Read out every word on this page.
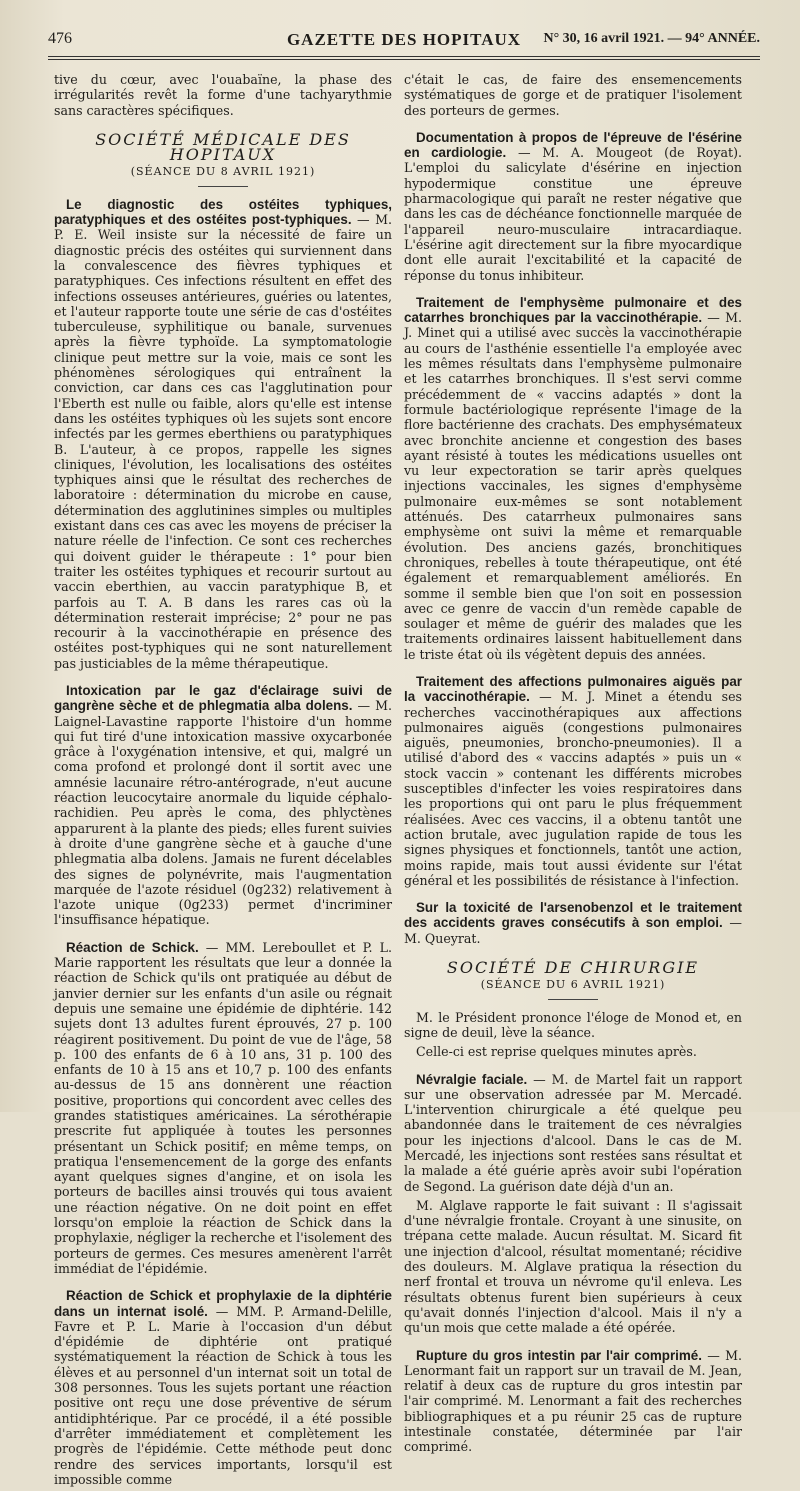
476	GAZETTE DES HOPITAUX	N° 30, 16 avril 1921. — 94° ANNÉE.

tive du cœur, avec l'ouabaïne, la phase des irrégularités revêt la forme d'une tachyarythmie sans caractères spécifiques.

SOCIÉTÉ MÉDICALE DES HOPITAUX
(SÉANCE DU 8 AVRIL 1921)

Le diagnostic des ostéites typhiques, paratyphiques et des ostéites post-typhiques. — M. P. E. Weil insiste sur la nécessité de faire un diagnostic précis des ostéites qui surviennent dans la convalescence des fièvres typhiques et paratyphiques. Ces infections résultent en effet des infections osseuses antérieures, guéries ou latentes, et l'auteur rapporte toute une série de cas d'ostéites tuberculeuse, syphilitique ou banale, survenues après la fièvre typhoïde. La symptomatologie clinique peut mettre sur la voie, mais ce sont les phénomènes sérologiques qui entraînent la conviction, car dans ces cas l'agglutination pour l'Eberth est nulle ou faible, alors qu'elle est intense dans les ostéites typhiques où les sujets sont encore infectés par les germes eberthiens ou paratyphiques B. L'auteur, à ce propos, rappelle les signes cliniques, l'évolution, les localisations des ostéites typhiques ainsi que le résultat des recherches de laboratoire : détermination du microbe en cause, détermination des agglutinines simples ou multiples existant dans ces cas avec les moyens de préciser la nature réelle de l'infection. Ce sont ces recherches qui doivent guider le thérapeute : 1° pour bien traiter les ostéites typhiques et recourir surtout au vaccin eberthien, au vaccin paratyphique B, et parfois au T. A. B dans les rares cas où la détermination resterait imprécise; 2° pour ne pas recourir à la vaccinothérapie en présence des ostéites post-typhiques qui ne sont naturellement pas justiciables de la même thérapeutique.

Intoxication par le gaz d'éclairage suivi de gangrène sèche et de phlegmatia alba dolens. — M. Laignel-Lavastine rapporte l'histoire d'un homme qui fut tiré d'une intoxication massive oxycarbonée grâce à l'oxygénation intensive, et qui, malgré un coma profond et prolongé dont il sortit avec une amnésie lacunaire rétro-antérograde, n'eut aucune réaction leucocytaire anormale du liquide céphalo-rachidien. Peu après le coma, des phlyctènes apparurent à la plante des pieds; elles furent suivies à droite d'une gangrène sèche et à gauche d'une phlegmatia alba dolens. Jamais ne furent décelables des signes de polynévrite, mais l'augmentation marquée de l'azote résiduel (0g232) relativement à l'azote unique (0g233) permet d'incriminer l'insuffisance hépatique.

Réaction de Schick. — MM. Lereboullet et P. L. Marie rapportent les résultats que leur a donnée la réaction de Schick qu'ils ont pratiquée au début de janvier dernier sur les enfants d'un asile ou régnait depuis une semaine une épidémie de diphtérie. 142 sujets dont 13 adultes furent éprouvés, 27 p. 100 réagirent positivement. Du point de vue de l'âge, 58 p. 100 des enfants de 6 à 10 ans, 31 p. 100 des enfants de 10 à 15 ans et 10,7 p. 100 des enfants au-dessus de 15 ans donnèrent une réaction positive, proportions qui concordent avec celles des grandes statistiques américaines. La sérothérapie prescrite fut appliquée à toutes les personnes présentant un Schick positif; en même temps, on pratiqua l'ensemencement de la gorge des enfants ayant quelques signes d'angine, et on isola les porteurs de bacilles ainsi trouvés qui tous avaient une réaction négative. On ne doit point en effet lorsqu'on emploie la réaction de Schick dans la prophylaxie, négliger la recherche et l'isolement des porteurs de germes. Ces mesures amenèrent l'arrêt immédiat de l'épidémie.

Réaction de Schick et prophylaxie de la diphtérie dans un internat isolé. — MM. P. Armand-Delille, Favre et P. L. Marie à l'occasion d'un début d'épidémie de diphtérie ont pratiqué systématiquement la réaction de Schick à tous les élèves et au personnel d'un internat soit un total de 308 personnes. Tous les sujets portant une réaction positive ont reçu une dose préventive de sérum antidiphtérique. Par ce procédé, il a été possible d'arrêter immédiatement et complètement les progrès de l'épidémie. Cette méthode peut donc rendre des services importants, lorsqu'il est impossible comme

c'était le cas, de faire des ensemencements systématiques de gorge et de pratiquer l'isolement des porteurs de germes.

Documentation à propos de l'épreuve de l'ésérine en cardiologie. — M. A. Mougeot (de Royat). L'emploi du salicylate d'ésérine en injection hypodermique constitue une épreuve pharmacologique qui paraît ne rester négative que dans les cas de déchéance fonctionnelle marquée de l'appareil neuro-musculaire intracardiaque. L'ésérine agit directement sur la fibre myocardique dont elle aurait l'excitabilité et la capacité de réponse du tonus inhibiteur.

Traitement de l'emphysème pulmonaire et des catarrhes bronchiques par la vaccinothérapie. — M. J. Minet qui a utilisé avec succès la vaccinothérapie au cours de l'asthénie essentielle l'a employée avec les mêmes résultats dans l'emphysème pulmonaire et les catarrhes bronchiques. Il s'est servi comme précédemment de « vaccins adaptés » dont la formule bactériologique représente l'image de la flore bactérienne des crachats. Des emphysémateux avec bronchite ancienne et congestion des bases ayant résisté à toutes les médications usuelles ont vu leur expectoration se tarir après quelques injections vaccinales, les signes d'emphysème pulmonaire eux-mêmes se sont notablement atténués. Des catarrheux pulmonaires sans emphysème ont suivi la même et remarquable évolution. Des anciens gazés, bronchitiques chroniques, rebelles à toute thérapeutique, ont été également et remarquablement améliorés. En somme il semble bien que l'on soit en possession avec ce genre de vaccin d'un remède capable de soulager et même de guérir des malades que les traitements ordinaires laissent habituellement dans le triste état où ils végètent depuis des années.

Traitement des affections pulmonaires aiguës par la vaccinothérapie. — M. J. Minet a étendu ses recherches vaccinothérapiques aux affections pulmonaires aiguës (congestions pulmonaires aiguës, pneumonies, broncho-pneumonies). Il a utilisé d'abord des « vaccins adaptés » puis un « stock vaccin » contenant les différents microbes susceptibles d'infecter les voies respiratoires dans les proportions qui ont paru le plus fréquemment réalisées. Avec ces vaccins, il a obtenu tantôt une action brutale, avec jugulation rapide de tous les signes physiques et fonctionnels, tantôt une action, moins rapide, mais tout aussi évidente sur l'état général et les possibilités de résistance à l'infection.

Sur la toxicité de l'arsenobenzol et le traitement des accidents graves consécutifs à son emploi. — M. Queyrat.

SOCIÉTÉ DE CHIRURGIE
(SÉANCE DU 6 AVRIL 1921)

M. le Président prononce l'éloge de Monod et, en signe de deuil, lève la séance.

Celle-ci est reprise quelques minutes après.

Névralgie faciale. — M. de Martel fait un rapport sur une observation adressée par M. Mercadé. L'intervention chirurgicale a été quelque peu abandonnée dans le traitement de ces névralgies pour les injections d'alcool. Dans le cas de M. Mercadé, les injections sont restées sans résultat et la malade a été guérie après avoir subi l'opération de Segond. La guérison date déjà d'un an.

M. Alglave rapporte le fait suivant : Il s'agissait d'une névralgie frontale. Croyant à une sinusite, on trépana cette malade. Aucun résultat. M. Sicard fit une injection d'alcool, résultat momentané; récidive des douleurs. M. Alglave pratiqua la résection du nerf frontal et trouva un névrome qu'il enleva. Les résultats obtenus furent bien supérieurs à ceux qu'avait donnés l'injection d'alcool. Mais il n'y a qu'un mois que cette malade a été opérée.

Rupture du gros intestin par l'air comprimé. — M. Lenormant fait un rapport sur un travail de M. Jean, relatif à deux cas de rupture du gros intestin par l'air comprimé. M. Lenormant a fait des recherches bibliographiques et a pu réunir 25 cas de rupture intestinale constatée, déterminée par l'air comprimé.
